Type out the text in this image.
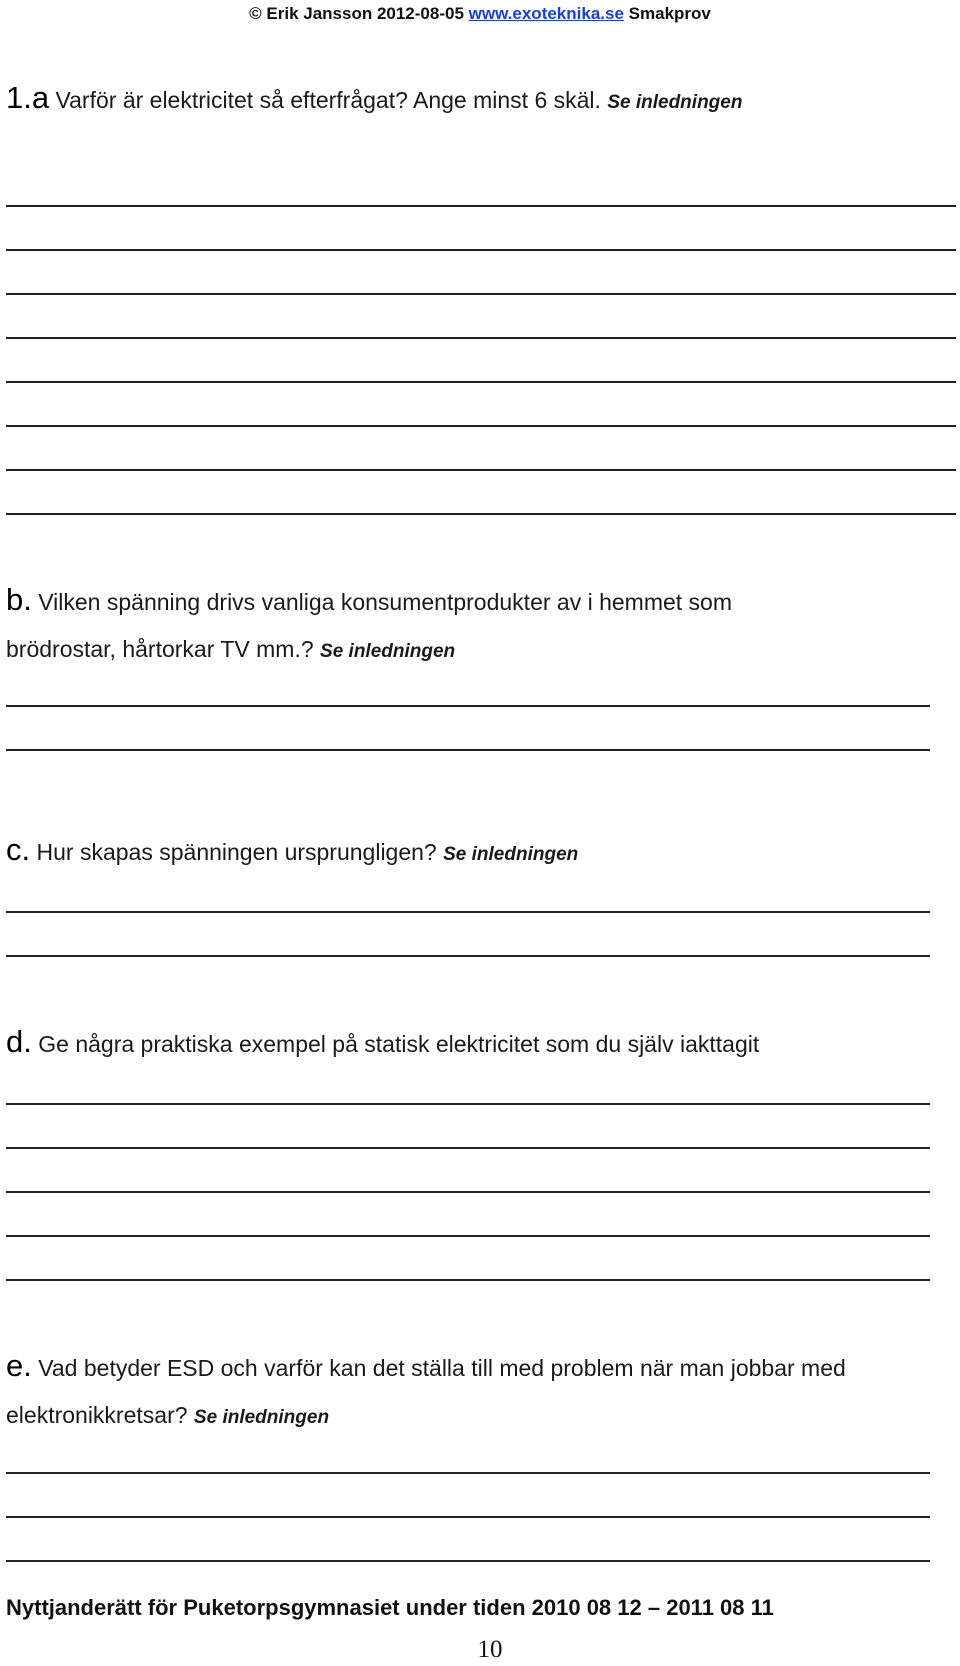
© Erik Jansson 2012-08-05 www.exoteknika.se Smakprov
1.a Varför är elektricitet så efterfrågat? Ange minst 6 skäl. Se inledningen
b. Vilken spänning drivs vanliga konsumentprodukter av i hemmet som
brödrostar, hårtorkar TV mm.? Se inledningen
c. Hur skapas spänningen ursprungligen? Se inledningen
d. Ge några praktiska exempel på statisk elektricitet som du själv iakttagit
e. Vad betyder ESD och varför kan det ställa till med problem när man jobbar med
elektronikkretsar? Se inledningen
Nyttjanderätt för Puketorpsgymnasiet under tiden 2010 08 12 – 2011 08 11
10
